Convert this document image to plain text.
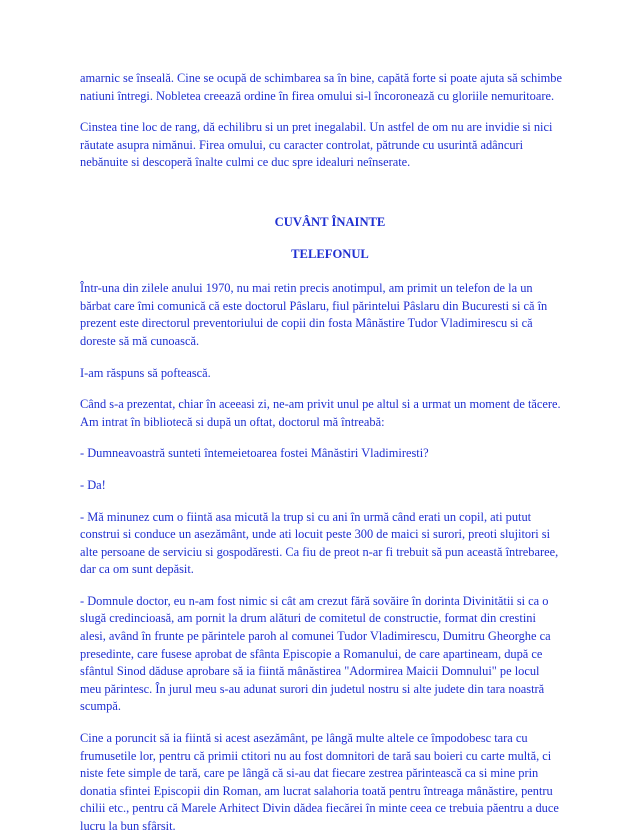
amarnic se înseală. Cine se ocupă de schimbarea sa în bine, capătă forte si poate ajuta să schimbe
natiuni întregi. Nobletea creează ordine în firea omului si-l încoronează cu gloriile nemuritoare.
Cinstea tine loc de rang, dă echilibru si un pret inegalabil. Un astfel de om nu are invidie si nici
răutate asupra nimănui. Firea omului, cu caracter controlat, pătrunde cu usurintă adâncuri
nebănuite si descoperă înalte culmi ce duc spre idealuri neînserate.

CUVÂNT ÎNAINTE

TELEFONUL

Într-una din zilele anului 1970, nu mai retin precis anotimpul, am primit un telefon de la un
bărbat care îmi comunică că este doctorul Pâslaru, fiul părintelui Pâslaru din Bucuresti si că în
prezent este directorul preventoriului de copii din fosta Mânăstire Tudor Vladimirescu si că
doreste să mă cunoască.
I-am răspuns să poftească.
Când s-a prezentat, chiar în aceeasi zi, ne-am privit unul pe altul si a urmat un moment de tăcere.
Am intrat în bibliotecă si după un oftat, doctorul mă întreabă:
- Dumneavoastră sunteti întemeietoarea fostei Mânăstiri Vladimiresti?
- Da!
- Mă minunez cum o fiintă asa micută la trup si cu ani în urmă când erati un copil, ati putut
construi si conduce un asezământ, unde ati locuit peste 300 de maici si surori, preoti slujitori si
alte persoane de serviciu si gospodăresti. Ca fiu de preot n-ar fi trebuit să pun această întrebaree,
dar ca om sunt depăsit.
- Domnule doctor, eu n-am fost nimic si cât am crezut fără sovăire în dorinta Divinitătii si ca o
slugă credincioasă, am pornit la drum alături de comitetul de constructie, format din crestini
alesi, având în frunte pe părintele paroh al comunei Tudor Vladimirescu, Dumitru Gheorghe ca
presedinte, care fusese aprobat de sfânta Episcopie a Romanului, de care apartineam, după ce
sfântul Sinod dăduse aprobare să ia fiintă mânăstirea "Adormirea Maicii Domnului" pe locul
meu părintesc. În jurul meu s-au adunat surori din judetul nostru si alte judete din tara noastră
scumpă.
Cine a poruncit să ia fiintă si acest asezământ, pe lângă multe altele ce împodobesc tara cu
frumusetile lor, pentru că primii ctitori nu au fost domnitori de tară sau boieri cu carte multă, ci
niste fete simple de tară, care pe lângă că si-au dat fiecare zestrea părintească ca si mine prin
donatia sfintei Episcopii din Roman, am lucrat salahoria toată pentru întreaga mânăstire, pentru
chilii etc., pentru că Marele Arhitect Divin dădea fiecărei în minte ceea ce trebuia păentru a duce
lucru la bun sfârsit.
